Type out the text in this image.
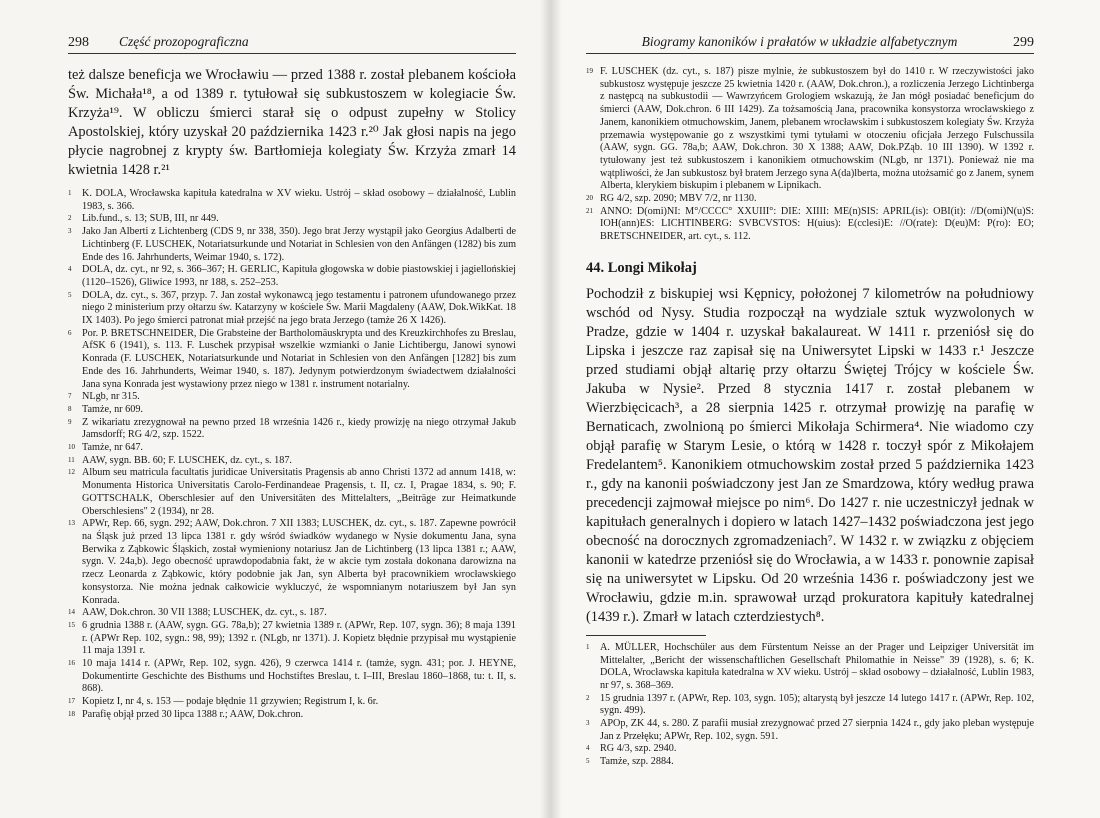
298 Część prozopograficzna

też dalsze beneficja we Wrocławiu — przed 1388 r. został plebanem kościoła Św. Michała¹⁸, a od 1389 r. tytułował się subkustoszem w kolegiacie Św. Krzyża¹⁹. W obliczu śmierci starał się o odpust zupełny w Stolicy Apostolskiej, który uzyskał 20 października 1423 r.²⁰ Jak głosi napis na jego płycie nagrobnej z krypty św. Bartłomieja kolegiaty Św. Krzyża zmarł 14 kwietnia 1428 r.²¹

1	K. DOLA, Wrocławska kapituła katedralna w XV wieku. Ustrój – skład osobowy – działalność, Lublin 1983, s. 366.
2	Lib.fund., s. 13; SUB, III, nr 449.
3	Jako Jan Alberti z Lichtenberg (CDS 9, nr 338, 350). Jego brat Jerzy wystąpił jako Georgius Adalberti de Lichtinberg (F. LUSCHEK, Notariatsurkunde und Notariat in Schlesien von den Anfängen (1282) bis zum Ende des 16. Jahrhunderts, Weimar 1940, s. 172).
4	DOLA, dz. cyt., nr 92, s. 366–367; H. GERLIC, Kapituła głogowska w dobie piastowskiej i jagiellońskiej (1120–1526), Gliwice 1993, nr 188, s. 252–253.
5	DOLA, dz. cyt., s. 367, przyp. 7. Jan został wykonawcą jego testamentu i patronem ufundowanego przez niego 2 ministerium przy ołtarzu św. Katarzyny w kościele Św. Marii Magdaleny (AAW, Dok.WikKat. 18 IX 1403). Po jego śmierci patronat miał przejść na jego brata Jerzego (tamże 26 X 1426).
6	Por. P. BRETSCHNEIDER, Die Grabsteine der Bartholomäuskrypta und des Kreuzkirchhofes zu Breslau, AfSK 6 (1941), s. 113. F. Luschek przypisał wszelkie wzmianki o Janie Lichtibergu, Janowi synowi Konrada (F. LUSCHEK, Notariatsurkunde und Notariat in Schlesien von den Anfängen [1282] bis zum Ende des 16. Jahrhunderts, Weimar 1940, s. 187). Jedynym potwierdzonym świadectwem działalności Jana syna Konrada jest wystawiony przez niego w 1381 r. instrument notarialny.
7	NLgb, nr 315.
8	Tamże, nr 609.
9	Z wikariatu zrezygnował na pewno przed 18 września 1426 r., kiedy prowizję na niego otrzymał Jakub Jamsdorff; RG 4/2, szp. 1522.
10 Tamże, nr 647.
11 AAW, sygn. BB. 60; F. LUSCHEK, dz. cyt., s. 187.
12 Album seu matricula facultatis juridicae Universitatis Pragensis ab anno Christi 1372 ad annum 1418, w: Monumenta Historica Universitatis Carolo-Ferdinandeae Pragensis, t. II, cz. I, Pragae 1834, s. 90; F. GOTTSCHALK, Oberschlesier auf den Universitäten des Mittelalters, „Beiträge zur Heimatkunde Oberschlesiens" 2 (1934), nr 28.
13 APWr, Rep. 66, sygn. 292; AAW, Dok.chron. 7 XII 1383; LUSCHEK, dz. cyt., s. 187. Zapewne powrócił na Śląsk już przed 13 lipca 1381 r. gdy wśród świadków wydanego w Nysie dokumentu Jana, syna Berwika z Ząbkowic Śląskich, został wymieniony notariusz Jan de Lichtinberg (13 lipca 1381 r.; AAW, sygn. V. 24a,b). Jego obecność uprawdopodabnia fakt, że w akcie tym została dokonana darowizna na rzecz Leonarda z Ząbkowic, który podobnie jak Jan, syn Alberta był pracownikiem wrocławskiego konsystorza. Nie można jednak całkowicie wykluczyć, że wspomnianym notariuszem był Jan syn Konrada.
14 AAW, Dok.chron. 30 VII 1388; LUSCHEK, dz. cyt., s. 187.
15 6 grudnia 1388 r. (AAW, sygn. GG. 78a,b); 27 kwietnia 1389 r. (APWr, Rep. 107, sygn. 36); 8 maja 1391 r. (APWr Rep. 102, sygn.: 98, 99); 1392 r. (NLgb, nr 1371). J. Kopietz błędnie przypisał mu wystąpienie 11 maja 1391 r.
16 10 maja 1414 r. (APWr, Rep. 102, sygn. 426), 9 czerwca 1414 r. (tamże, sygn. 431; por. J. HEYNE, Dokumentirte Geschichte des Bisthums und Hochstiftes Breslau, t. I–III, Breslau 1860–1868, tu: t. II, s. 868).
17 Kopietz I, nr 4, s. 153 — podaje błędnie 11 grzywien; Registrum I, k. 6r.
18 Parafię objął przed 30 lipca 1388 r.; AAW, Dok.chron.
Biogramy kanoników i prałatów w układzie alfabetycznym	299
19 F. LUSCHEK (dz. cyt., s. 187) pisze mylnie, że subkustoszem był do 1410 r. W rzeczywistości jako subkustosz występuje jeszcze 25 kwietnia 1420 r. (AAW, Dok.chron.), a rozliczenia Jerzego Lichtinberga z następcą na subkustodii — Wawrzyńcem Grologiem wskazują, że Jan mógł posiadać beneficjum do śmierci (AAW, Dok.chron. 6 III 1429). Za tożsamością Jana, pracownika konsystorza wrocławskiego z Janem, kanonikiem otmuchowskim, Janem, plebanem wrocławskim i subkustoszem kolegiaty Św. Krzyża przemawia występowanie go z wszystkimi tymi tytułami w otoczeniu oficjała Jerzego Fulschussila (AAW, sygn. GG. 78a,b; AAW, Dok.chron. 30 X 1388; AAW, Dok.PZąb. 10 III 1390). W 1392 r. tytułowany jest też subkustoszem i kanonikiem otmuchowskim (NLgb, nr 1371). Ponieważ nie ma wątpliwości, że Jan subkustosz był bratem Jerzego syna A(da)lberta, można utożsamić go z Janem, synem Alberta, klerykiem biskupim i plebanem w Lipnikach.
20 RG 4/2, szp. 2090; MBV 7/2, nr 1130.
21 ANNO: D(omi)NI: M°/CCCC° XXUIII°: DIE: XIIII: ME(n)SIS: APRIL(is): OBI(it): //D(omi)N(u)S: IOH(ann)ES: LICHTINBERG: SVBCVSTOS: H(uius): E(cclesi)E: //O(rate): D(eu)M: P(ro): EO; BRETSCHNEIDER, art. cyt., s. 112.
44. Longi Mikołaj

Pochodził z biskupiej wsi Kępnicy, położonej 7 kilometrów na południowy wschód od Nysy. Studia rozpoczął na wydziale sztuk wyzwolonych w Pradze, gdzie w 1404 r. uzyskał bakalaureat. W 1411 r. przeniósł się do Lipska i jeszcze raz zapisał się na Uniwersytet Lipski w 1433 r.¹ Jeszcze przed studiami objął altarię przy ołtarzu Świętej Trójcy w kościele Św. Jakuba w Nysie². Przed 8 stycznia 1417 r. został plebanem w Wierzbięcicach³, a 28 sierpnia 1425 r. otrzymał prowizję na parafię w Bernaticach, zwolnioną po śmierci Mikołaja Schirmera⁴. Nie wiadomo czy objął parafię w Starym Lesie, o którą w 1428 r. toczył spór z Mikołajem Fredelantem⁵. Kanonikiem otmuchowskim został przed 5 października 1423 r., gdy na kanonii poświadczony jest Jan ze Smardzowa, który według prawa precedencji zajmował miejsce po nim⁶. Do 1427 r. nie uczestniczył jednak w kapitułach generalnych i dopiero w latach 1427–1432 poświadczona jest jego obecność na dorocznych zgromadzeniach⁷. W 1432 r. w związku z objęciem kanonii w katedrze przeniósł się do Wrocławia, a w 1433 r. ponownie zapisał się na uniwersytet w Lipsku. Od 20 września 1436 r. poświadczony jest we Wrocławiu, gdzie m.in. sprawował urząd prokuratora kapituły katedralnej (1439 r.). Zmarł w latach czterdziestych⁸.

1	A. MÜLLER, Hochschüler aus dem Fürstentum Neisse an der Prager und Leipziger Universität im Mittelalter, „Bericht der wissenschaftlichen Gesellschaft Philomathie in Neisse" 39 (1928), s. 6; K. DOLA, Wrocławska kapituła katedralna w XV wieku. Ustrój – skład osobowy – działalność, Lublin 1983, nr 97, s. 368–369.
2	15 grudnia 1397 r. (APWr, Rep. 103, sygn. 105); altarystą był jeszcze 14 lutego 1417 r. (APWr, Rep. 102, sygn. 499).
3	APOp, ZK 44, s. 280. Z parafii musiał zrezygnować przed 27 sierpnia 1424 r., gdy jako pleban występuje Jan z Przełęku; APWr, Rep. 102, sygn. 591.
4	RG 4/3, szp. 2940.
5	Tamże, szp. 2884.
